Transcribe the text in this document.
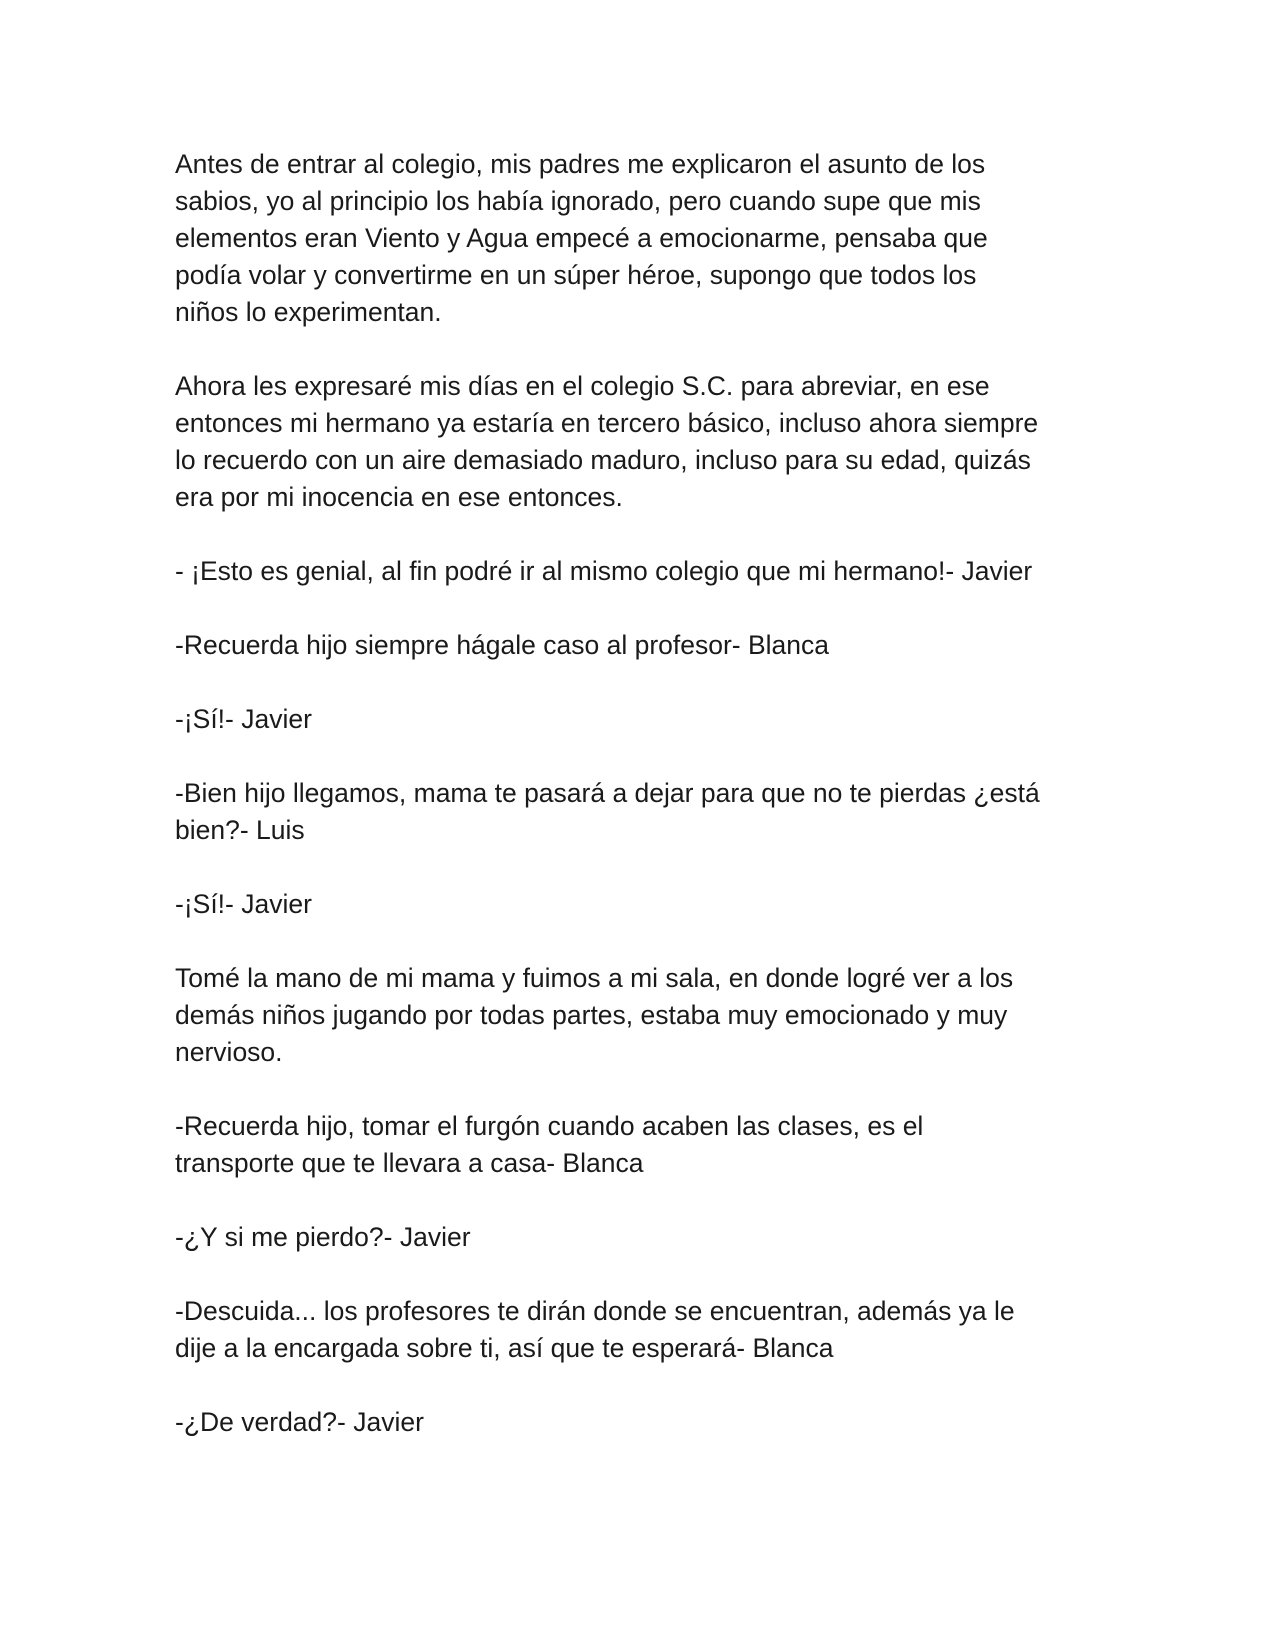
Antes de entrar al colegio, mis padres me explicaron el asunto de los
sabios, yo al principio los había ignorado, pero cuando supe que mis
elementos eran Viento y Agua empecé a emocionarme, pensaba que
podía volar y convertirme en un súper héroe, supongo que todos los
niños lo experimentan.

Ahora les expresaré mis días en el colegio S.C. para abreviar, en ese
entonces mi hermano ya estaría en tercero básico, incluso ahora siempre
lo recuerdo con un aire demasiado maduro, incluso para su edad, quizás
era por mi inocencia en ese entonces.

- ¡Esto es genial, al fin podré ir al mismo colegio que mi hermano!- Javier

-Recuerda hijo siempre hágale caso al profesor- Blanca

-¡Sí!- Javier

-Bien hijo llegamos, mama te pasará a dejar para que no te pierdas ¿está
bien?- Luis

-¡Sí!- Javier

Tomé la mano de mi mama y fuimos a mi sala, en donde logré ver a los
demás niños jugando por todas partes, estaba muy emocionado y muy
nervioso.

-Recuerda hijo, tomar el furgón cuando acaben las clases, es el
transporte que te llevara a casa- Blanca

-¿Y si me pierdo?- Javier

-Descuida... los profesores te dirán donde se encuentran, además ya le
dije a la encargada sobre ti, así que te esperará- Blanca

-¿De verdad?- Javier
